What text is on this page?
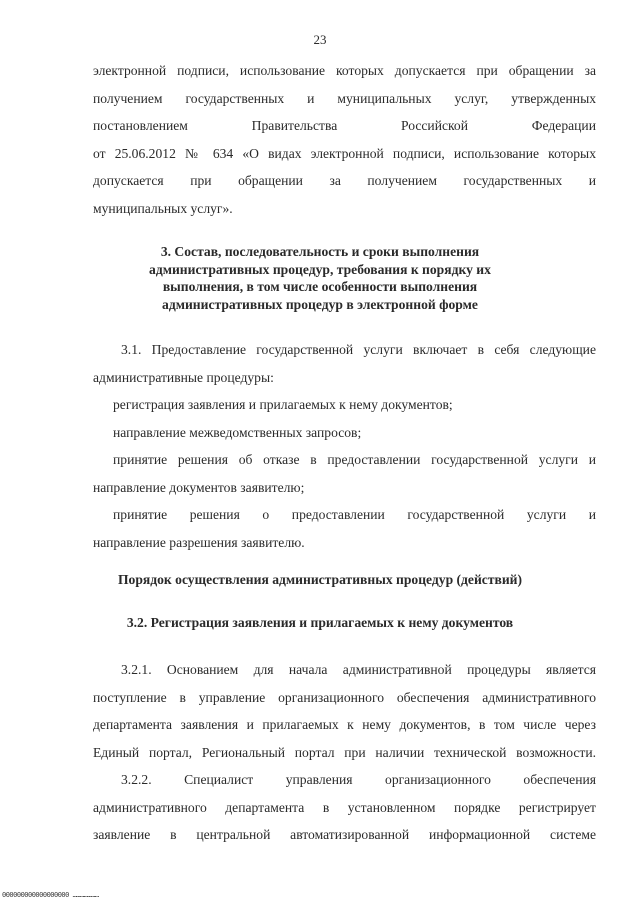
23
электронной подписи, использование которых допускается при обращении за
получением государственных и муниципальных услуг, утвержденных
постановлением Правительства Российской Федерации
от 25.06.2012 № 634 «О видах электронной подписи, использование которых
допускается при обращении за получением государственных и
муниципальных услуг».
3. Состав, последовательность и сроки выполнения
административных процедур, требования к порядку их
выполнения, в том числе особенности выполнения
административных процедур в электронной форме
3.1. Предоставление государственной услуги включает в себя следующие
административные процедуры:
регистрация заявления и прилагаемых к нему документов;
направление межведомственных запросов;
принятие решения об отказе в предоставлении государственной услуги и
направление документов заявителю;
принятие решения о предоставлении государственной услуги и
направление разрешения заявителю.
Порядок осуществления административных процедур (действий)
3.2. Регистрация заявления и прилагаемых к нему документов
3.2.1. Основанием для начала административной процедуры является
поступление в управление организационного обеспечения административного
департамента заявления и прилагаемых к нему документов, в том числе через
Единый портал, Региональный портал при наличии технической возможности.
3.2.2. Специалист управления организационного обеспечения
административного департамента в установленном порядке регистрирует
заявление в центральной автоматизированной информационной системе
000000000000000000 …………………
